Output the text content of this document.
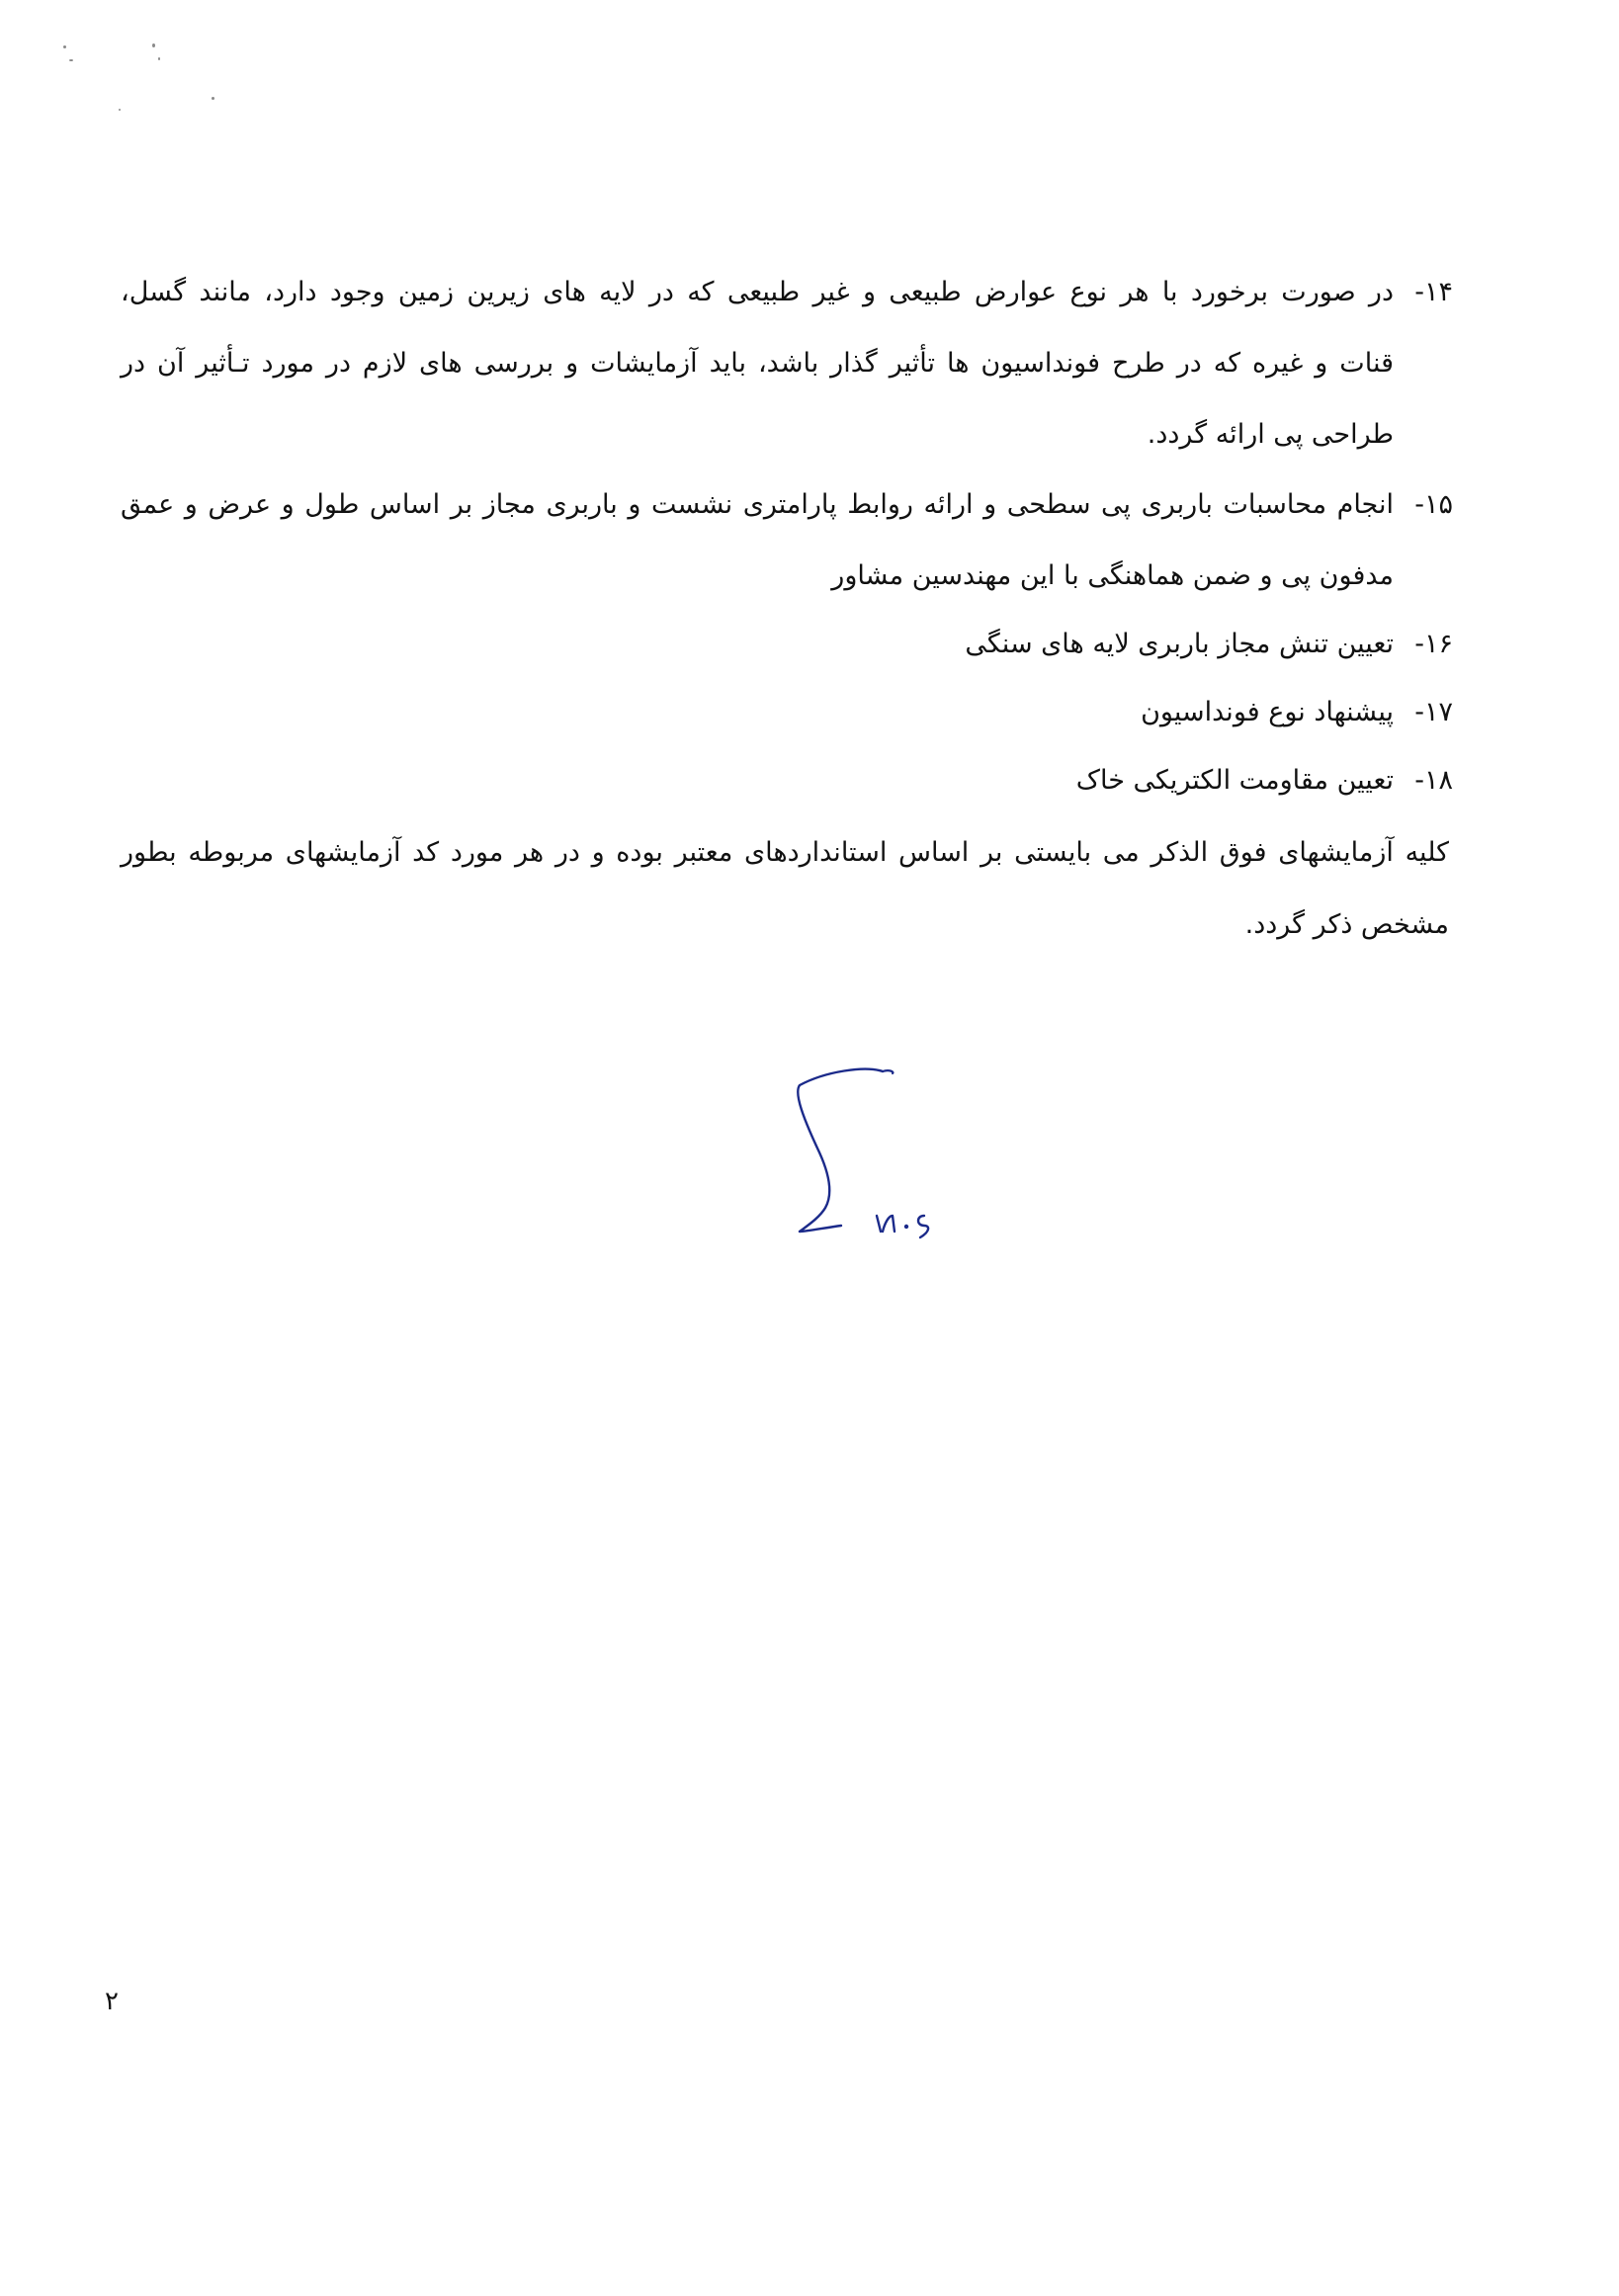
۱۴-
در صورت برخورد با هر نوع عوارض طبیعی و غیر طبیعی که در لایه های زیرین زمین وجود دارد، مانند گسل،
قنات و غیره که در طرح فونداسیون ها تأثیر گذار باشد، باید آزمایشات و بررسی های لازم در مورد تـأثیر آن در
طراحی پی ارائه گردد.
۱۵-
انجام محاسبات باربری پی سطحی و ارائه روابط پارامتری نشست و باربری مجاز بر اساس طول و عرض و عمق
مدفون پی و ضمن هماهنگی با این مهندسین مشاور
۱۶-
تعیین تنش مجاز باربری لایه های سنگی
۱۷-
پیشنهاد نوع فونداسیون
۱۸-
تعیین مقاومت الکتریکی خاک
کلیه آزمایشهای فوق الذکر می بایستی بر اساس استانداردهای معتبر بوده و در هر مورد کد آزمایشهای مربوطه بطور
مشخص ذکر گردد.
۲
